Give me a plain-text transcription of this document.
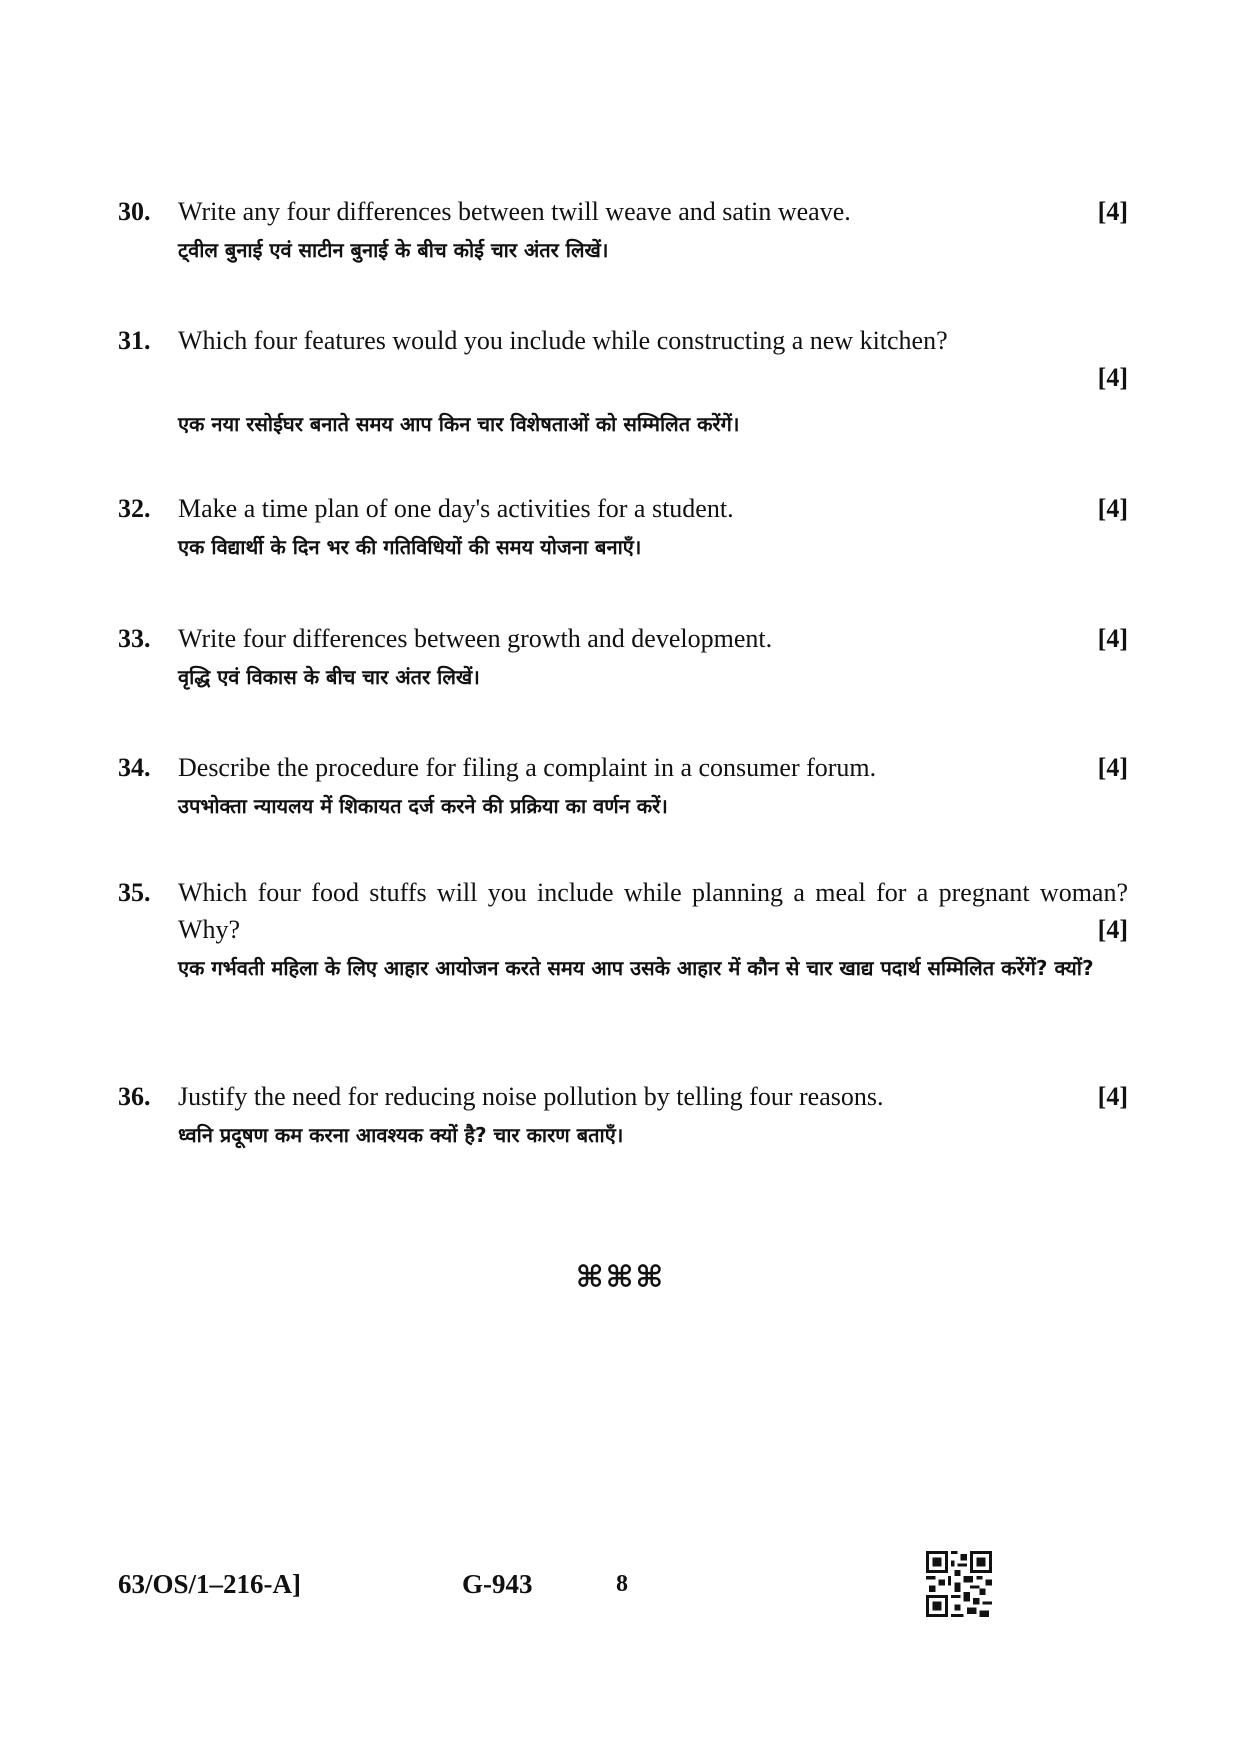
30. Write any four differences between twill weave and satin weave.	[4]
ट्वील बुनाई एवं साटीन बुनाई के बीच कोई चार अंतर लिखें।
31. Which four features would you include while constructing a new kitchen?
[4]
एक नया रसोईघर बनाते समय आप किन चार विशेषताओं को सम्मिलित करेंगें।
32. Make a time plan of one day's activities for a student.	[4]
एक विद्यार्थी के दिन भर की गतिविधियों की समय योजना बनाएँ।
33. Write four differences between growth and development.	[4]
वृद्धि एवं विकास के बीच चार अंतर लिखें।
34. Describe the procedure for filing a complaint in a consumer forum.	[4]
उपभोक्ता न्यायलय में शिकायत दर्ज करने की प्रक्रिया का वर्णन करें।
35. Which four food stuffs will you include while planning a meal for a pregnant woman? Why?	[4]
एक गर्भवती महिला के लिए आहार आयोजन करते समय आप उसके आहार में कौन से चार खाद्य पदार्थ सम्मिलित करेंगें? क्यों?
36. Justify the need for reducing noise pollution by telling four reasons.	[4]
ध्वनि प्रदूषण कम करना आवश्यक क्यों है? चार कारण बताएँ।
⌘⌘⌘
63/OS/1–216-A]	G-943	8
